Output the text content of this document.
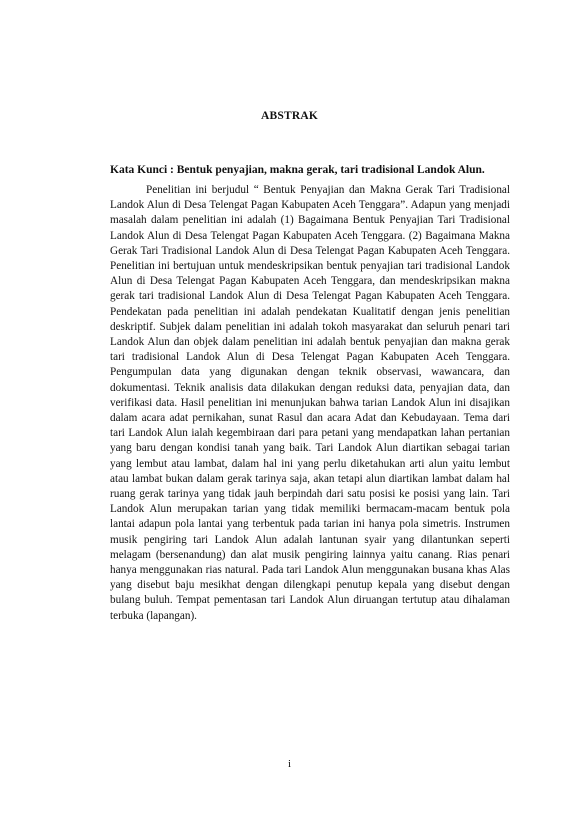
ABSTRAK
Kata Kunci : Bentuk penyajian, makna gerak, tari tradisional Landok Alun.

Penelitian ini berjudul “ Bentuk Penyajian dan Makna Gerak Tari Tradisional Landok Alun di Desa Telengat Pagan Kabupaten Aceh Tenggara”. Adapun yang menjadi masalah dalam penelitian ini adalah (1) Bagaimana Bentuk Penyajian Tari Tradisional Landok Alun di Desa Telengat Pagan Kabupaten Aceh Tenggara. (2) Bagaimana Makna Gerak Tari Tradisional Landok Alun di Desa Telengat Pagan Kabupaten Aceh Tenggara. Penelitian ini bertujuan untuk mendeskripsikan bentuk penyajian tari tradisional Landok Alun di Desa Telengat Pagan Kabupaten Aceh Tenggara, dan mendeskripsikan makna gerak tari tradisional Landok Alun di Desa Telengat Pagan Kabupaten Aceh Tenggara. Pendekatan pada penelitian ini adalah pendekatan Kualitatif dengan jenis penelitian deskriptif. Subjek dalam penelitian ini adalah tokoh masyarakat dan seluruh penari tari Landok Alun dan objek dalam penelitian ini adalah bentuk penyajian dan makna gerak tari tradisional Landok Alun di Desa Telengat Pagan Kabupaten Aceh Tenggara. Pengumpulan data yang digunakan dengan teknik observasi, wawancara, dan dokumentasi. Teknik analisis data dilakukan dengan reduksi data, penyajian data, dan verifikasi data. Hasil penelitian ini menunjukan bahwa tarian Landok Alun ini disajikan dalam acara adat pernikahan, sunat Rasul dan acara Adat dan Kebudayaan. Tema dari tari Landok Alun ialah kegembiraan dari para petani yang mendapatkan lahan pertanian yang baru dengan kondisi tanah yang baik. Tari Landok Alun diartikan sebagai tarian yang lembut atau lambat, dalam hal ini yang perlu diketahukan arti alun yaitu lembut atau lambat bukan dalam gerak tarinya saja, akan tetapi alun diartikan lambat dalam hal ruang gerak tarinya yang tidak jauh berpindah dari satu posisi ke posisi yang lain. Tari Landok Alun merupakan tarian yang tidak memiliki bermacam-macam bentuk pola lantai adapun pola lantai yang terbentuk pada tarian ini hanya pola simetris. Instrumen musik pengiring tari Landok Alun adalah lantunan syair yang dilantunkan seperti melagam (bersenandung) dan alat musik pengiring lainnya yaitu canang. Rias penari hanya menggunakan rias natural. Pada tari Landok Alun menggunakan busana khas Alas yang disebut baju mesikhat dengan dilengkapi penutup kepala yang disebut dengan bulang buluh. Tempat pementasan tari Landok Alun diruangan tertutup atau dihalaman terbuka (lapangan).

i
